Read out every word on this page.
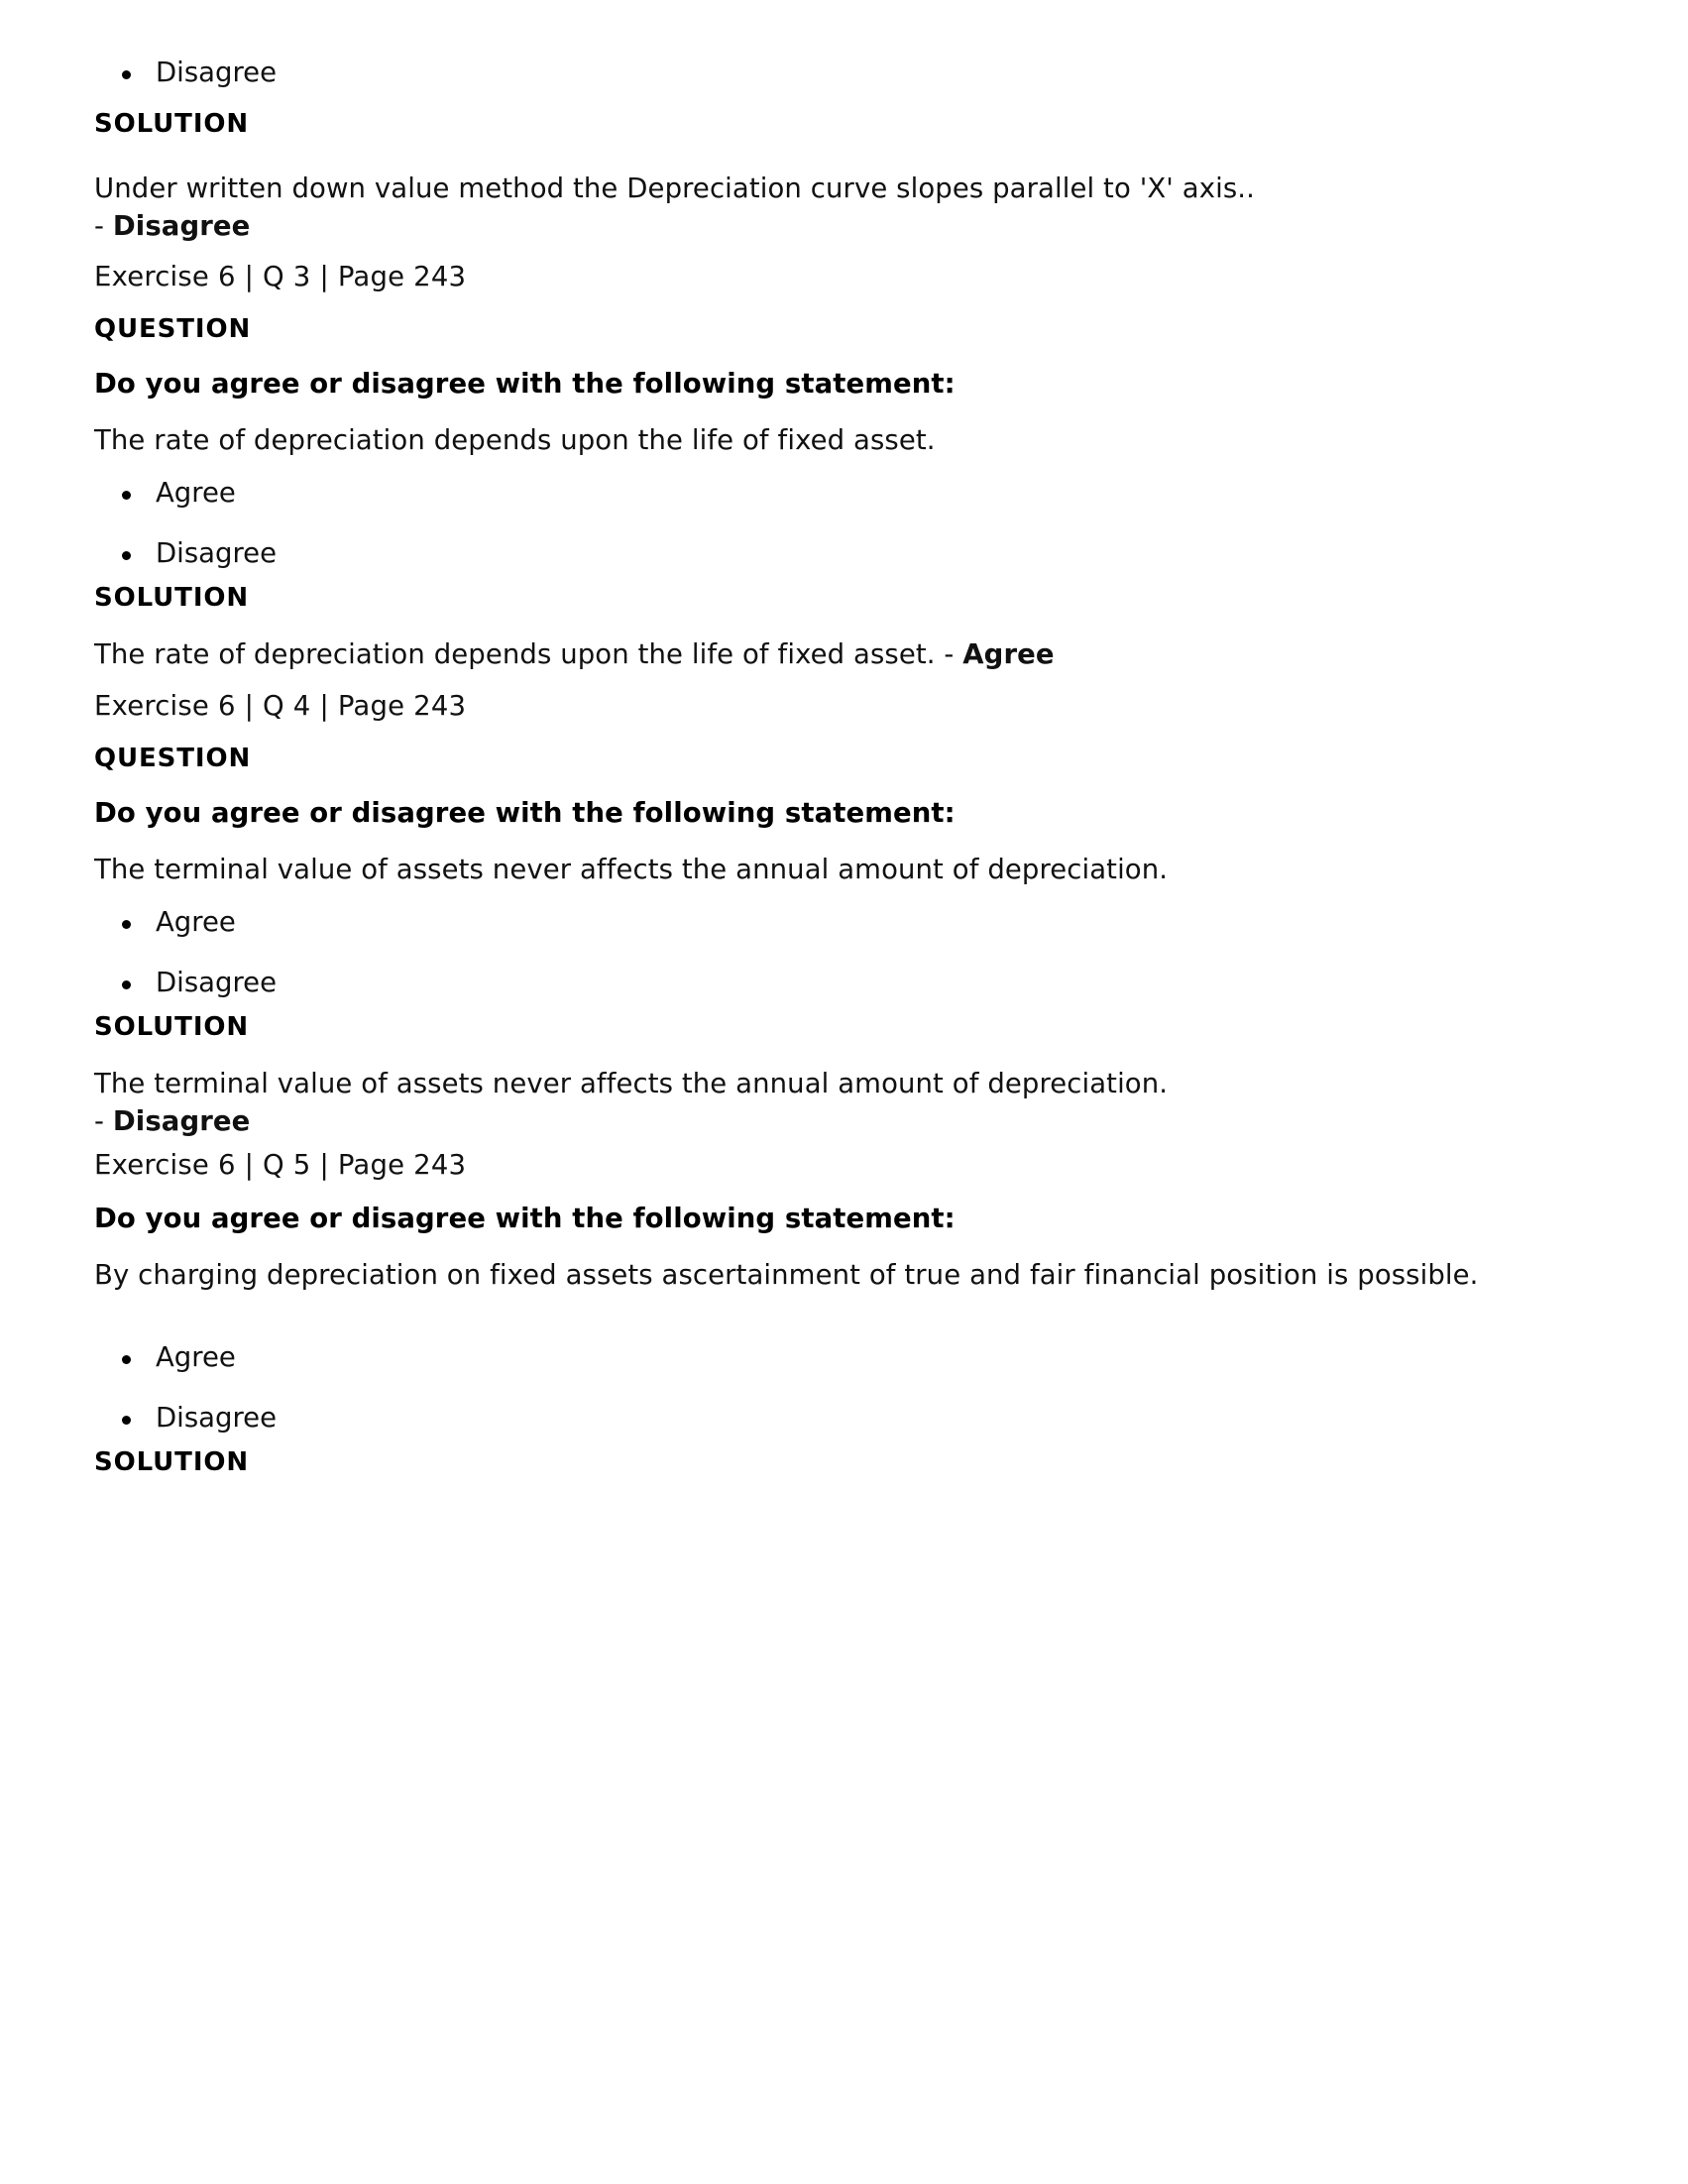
Disagree
SOLUTION

Under written down value method the Depreciation curve slopes parallel to 'X' axis..
- Disagree

Exercise 6 | Q 3 | Page 243

QUESTION

Do you agree or disagree with the following statement:

The rate of depreciation depends upon the life of fixed asset.

Agree
Disagree
SOLUTION

The rate of depreciation depends upon the life of fixed asset. - Agree

Exercise 6 | Q 4 | Page 243

QUESTION

Do you agree or disagree with the following statement:

The terminal value of assets never affects the annual amount of depreciation.

Agree
Disagree
SOLUTION

The terminal value of assets never affects the annual amount of depreciation.
- Disagree

Exercise 6 | Q 5 | Page 243

Do you agree or disagree with the following statement:

By charging depreciation on fixed assets ascertainment of true and fair financial position is possible.

Agree
Disagree
SOLUTION
